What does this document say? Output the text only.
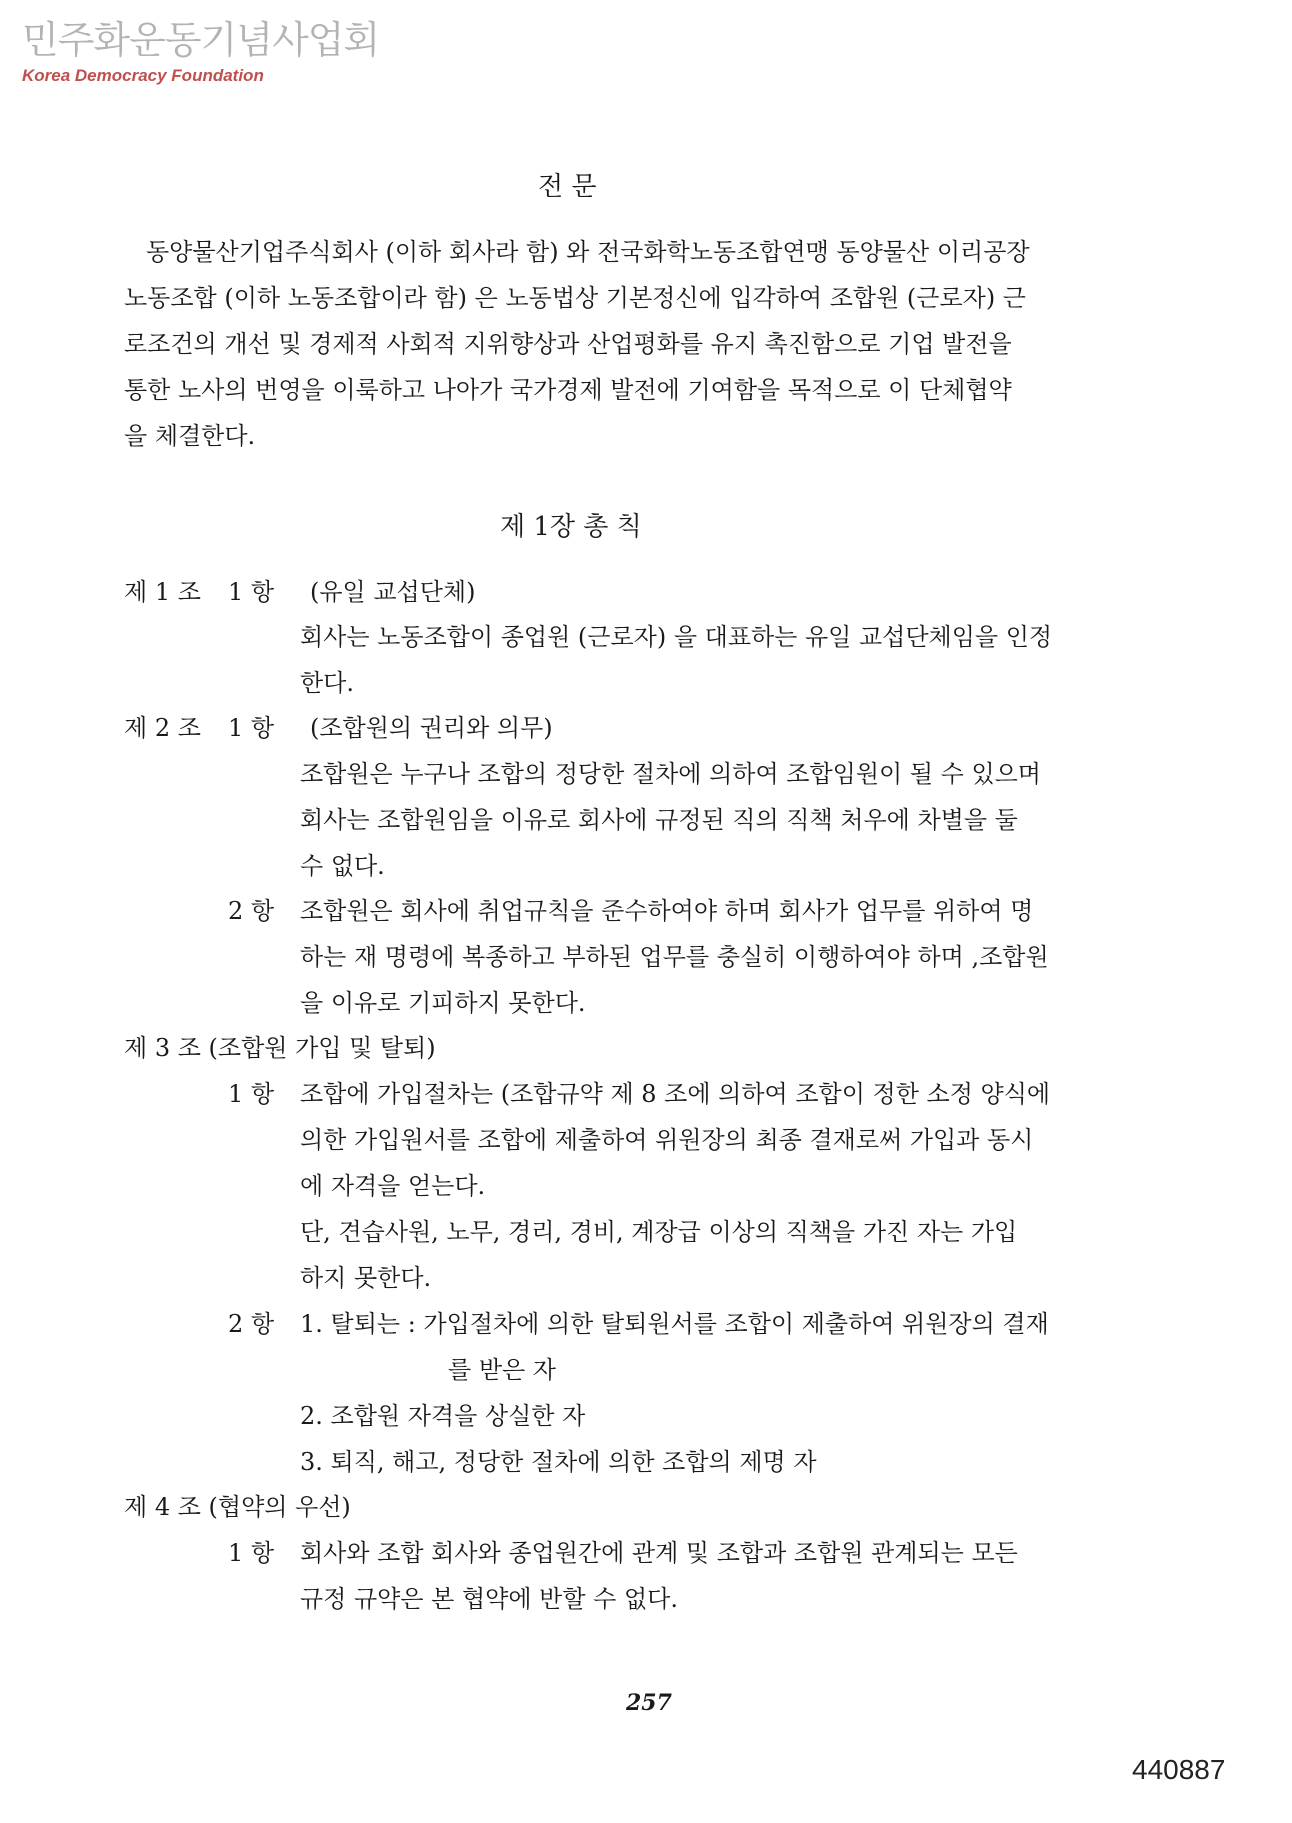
민주화운동기념사업회
Korea Democracy Foundation
전 문
동양물산기업주식회사 (이하 회사라 함) 와 전국화학노동조합연맹 동양물산 이리공장
노동조합 (이하 노동조합이라 함) 은 노동법상 기본정신에 입각하여 조합원 (근로자) 근
로조건의 개선 및 경제적 사회적 지위향상과 산업평화를 유지 촉진함으로 기업 발전을
통한 노사의 번영을 이룩하고 나아가 국가경제 발전에 기여함을 목적으로 이 단체협약
을 체결한다.
제 1장 총 칙
제 1 조 1 항 (유일 교섭단체)
회사는 노동조합이 종업원 (근로자) 을 대표하는 유일 교섭단체임을 인정
한다.
제 2 조 1 항 (조합원의 권리와 의무)
조합원은 누구나 조합의 정당한 절차에 의하여 조합임원이 될 수 있으며
회사는 조합원임을 이유로 회사에 규정된 직의 직책 처우에 차별을 둘
수 없다.
2 항 조합원은 회사에 취업규칙을 준수하여야 하며 회사가 업무를 위하여 명
하는 재 명령에 복종하고 부하된 업무를 충실히 이행하여야 하며 ,조합원
을 이유로 기피하지 못한다.
제 3 조 (조합원 가입 및 탈퇴)
1 항 조합에 가입절차는 (조합규약 제 8 조에 의하여 조합이 정한 소정 양식에
의한 가입원서를 조합에 제출하여 위원장의 최종 결재로써 가입과 동시
에 자격을 얻는다.
단, 견습사원, 노무, 경리, 경비, 계장급 이상의 직책을 가진 자는 가입
하지 못한다.
2 항 1. 탈퇴는 : 가입절차에 의한 탈퇴원서를 조합이 제출하여 위원장의 결재
를 받은 자
2. 조합원 자격을 상실한 자
3. 퇴직, 해고, 정당한 절차에 의한 조합의 제명 자
제 4 조 (협약의 우선)
1 항 회사와 조합 회사와 종업원간에 관계 및 조합과 조합원 관계되는 모든
규정 규약은 본 협약에 반할 수 없다.
257
440887
